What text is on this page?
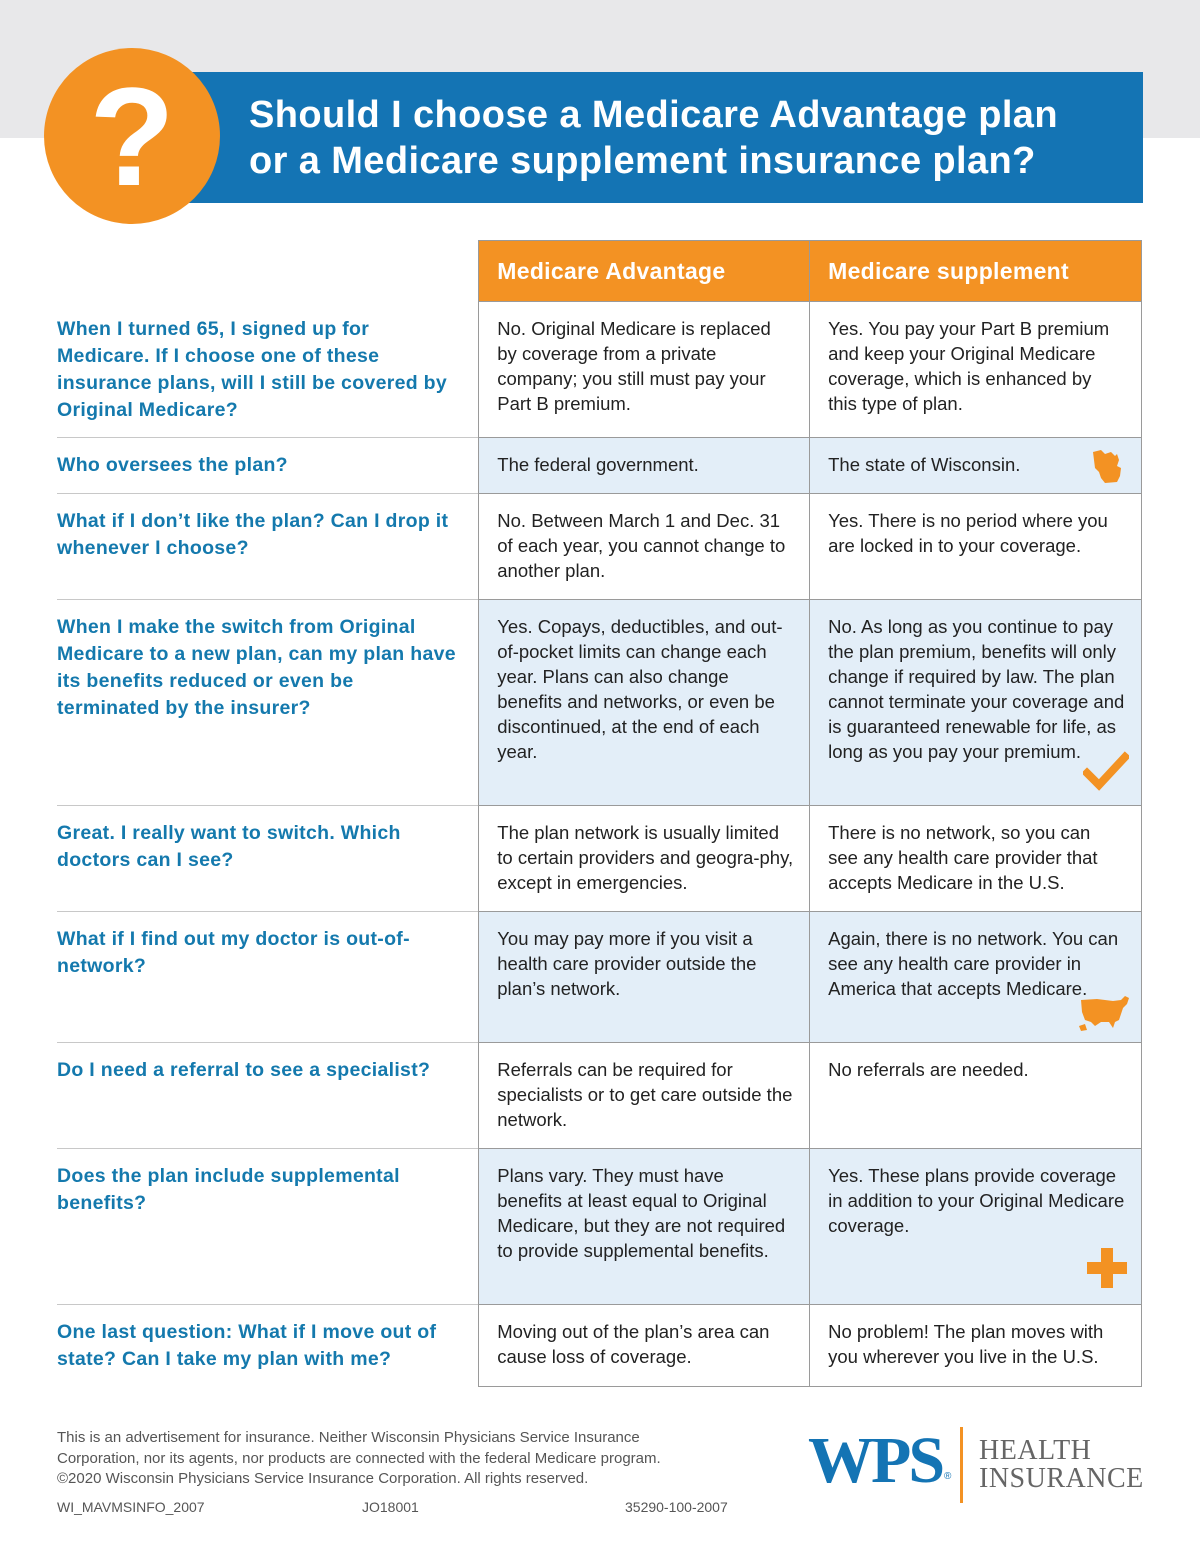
Should I choose a Medicare Advantage plan
or a Medicare supplement insurance plan?
?
	Medicare Advantage	Medicare supplement
When I turned 65, I signed up for Medicare. If I choose one of these insurance plans, will I still be covered by Original Medicare?	No. Original Medicare is replaced by coverage from a private company; you still must pay your Part B premium.	Yes. You pay your Part B premium and keep your Original Medicare coverage, which is enhanced by this type of plan.
Who oversees the plan?	The federal government.	The state of Wisconsin.

What if I don’t like the plan? Can I drop it whenever I choose?	No. Between March 1 and Dec. 31 of each year, you cannot change to another plan.	Yes. There is no period where you are locked in to your coverage.
When I make the switch from Original Medicare to a new plan, can my plan have its benefits reduced or even be terminated by the insurer?	Yes. Copays, deductibles, and out-of-pocket limits can change each year. Plans can also change benefits and networks, or even be discontinued, at the end of each year.	No. As long as you continue to pay the plan premium, benefits will only change if required by law. The plan cannot terminate your coverage and is guaranteed renewable for life, as long as you pay your premium.

Great. I really want to switch. Which doctors can I see?	The plan network is usually limited to certain providers and geogra-phy, except in emergencies.	There is no network, so you can see any health care provider that accepts Medicare in the U.S.
What if I find out my doctor is out-of-network?	You may pay more if you visit a health care provider outside the plan’s network.	Again, there is no network. You can see any health care provider in America that accepts Medicare.

Do I need a referral to see a specialist?	Referrals can be required for specialists or to get care outside the network.	No referrals are needed.
Does the plan include supplemental benefits?	Plans vary. They must have benefits at least equal to Original Medicare, but they are not required to provide supplemental benefits.	Yes. These plans provide coverage in addition to your Original Medicare coverage.

One last question: What if I move out of state? Can I take my plan with me?	Moving out of the plan’s area can cause loss of coverage.	No problem! The plan moves with you wherever you live in the U.S.
This is an advertisement for insurance. Neither Wisconsin Physicians Service Insurance
Corporation, nor its agents, nor products are connected with the federal Medicare program.
©2020 Wisconsin Physicians Service Insurance Corporation. All rights reserved.
WI_MAVMSINFO_2007	JO18001	35290-100-2007
WPS ®
HEALTH
INSURANCE
